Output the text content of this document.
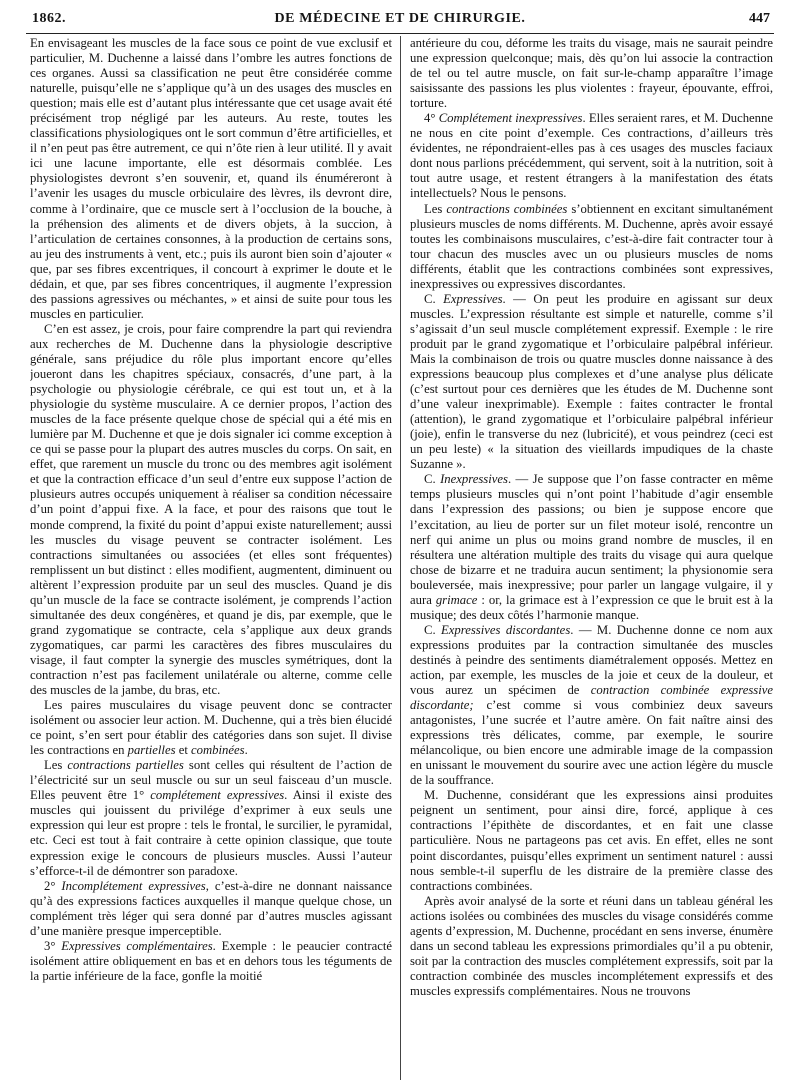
1862.	DE MÉDECINE ET DE CHIRURGIE.	447

En envisageant les muscles de la face sous ce point de vue exclusif et particulier, M. Duchenne a laissé dans l’ombre les autres fonctions de ces organes. Aussi sa classification ne peut être considérée comme naturelle, puisqu’elle ne s’applique qu’à un des usages des muscles en question; mais elle est d’autant plus intéressante que cet usage avait été précisément trop négligé par les auteurs. Au reste, toutes les classifications physiologiques ont le sort commun d’être artificielles, et il n’en peut pas être autrement, ce qui n’ôte rien à leur utilité. Il y avait ici une lacune importante, elle est désormais comblée. Les physiologistes devront s’en souvenir, et, quand ils énuméreront à l’avenir les usages du muscle orbiculaire des lèvres, ils devront dire, comme à l’ordinaire, que ce muscle sert à l’occlusion de la bouche, à la préhension des aliments et de divers objets, à la succion, à l’articulation de certaines consonnes, à la production de certains sons, au jeu des instruments à vent, etc.; puis ils auront bien soin d’ajouter « que, par ses fibres excentriques, il concourt à exprimer le doute et le dédain, et que, par ses fibres concentriques, il augmente l’expression des passions agressives ou méchantes, » et ainsi de suite pour tous les muscles en particulier.

C’en est assez, je crois, pour faire comprendre la part qui reviendra aux recherches de M. Duchenne dans la physiologie descriptive générale, sans préjudice du rôle plus important encore qu’elles joueront dans les chapitres spéciaux, consacrés, d’une part, à la psychologie ou physiologie cérébrale, ce qui est tout un, et à la physiologie du système musculaire. A ce dernier propos, l’action des muscles de la face présente quelque chose de spécial qui a été mis en lumière par M. Duchenne et que je dois signaler ici comme exception à ce qui se passe pour la plupart des autres muscles du corps. On sait, en effet, que rarement un muscle du tronc ou des membres agit isolément et que la contraction efficace d’un seul d’entre eux suppose l’action de plusieurs autres occupés uniquement à réaliser sa condition nécessaire d’un point d’appui fixe. A la face, et pour des raisons que tout le monde comprend, la fixité du point d’appui existe naturellement; aussi les muscles du visage peuvent se contracter isolément. Les contractions simultanées ou associées (et elles sont fréquentes) remplissent un but distinct : elles modifient, augmentent, diminuent ou altèrent l’expression produite par un seul des muscles. Quand je dis qu’un muscle de la face se contracte isolément, je comprends l’action simultanée des deux congénères, et quand je dis, par exemple, que le grand zygomatique se contracte, cela s’applique aux deux grands zygomatiques, car parmi les caractères des fibres musculaires du visage, il faut compter la synergie des muscles symétriques, dont la contraction n’est pas facilement unilatérale ou alterne, comme celle des muscles de la jambe, du bras, etc.

Les paires musculaires du visage peuvent donc se contracter isolément ou associer leur action. M. Duchenne, qui a très bien élucidé ce point, s’en sert pour établir des catégories dans son sujet. Il divise les contractions en partielles et combinées.

Les contractions partielles sont celles qui résultent de l’action de l’électricité sur un seul muscle ou sur un seul faisceau d’un muscle. Elles peuvent être 1° complétement expressives. Ainsi il existe des muscles qui jouissent du privilége d’exprimer à eux seuls une expression qui leur est propre : tels le frontal, le surcilier, le pyramidal, etc. Ceci est tout à fait contraire à cette opinion classique, que toute expression exige le concours de plusieurs muscles. Aussi l’auteur s’efforce-t-il de démontrer son paradoxe.

2° Incomplétement expressives, c’est-à-dire ne donnant naissance qu’à des expressions factices auxquelles il manque quelque chose, un complément très léger qui sera donné par d’autres muscles agissant d’une manière presque imperceptible.

3° Expressives complémentaires. Exemple : le peaucier contracté isolément attire obliquement en bas et en dehors tous les téguments de la partie inférieure de la face, gonfle la moitié

antérieure du cou, déforme les traits du visage, mais ne saurait peindre une expression quelconque; mais, dès qu’on lui associe la contraction de tel ou tel autre muscle, on fait sur-le-champ apparaître l’image saisissante des passions les plus violentes : frayeur, épouvante, effroi, torture.

4° Complétement inexpressives. Elles seraient rares, et M. Duchenne ne nous en cite point d’exemple. Ces contractions, d’ailleurs très évidentes, ne répondraient-elles pas à ces usages des muscles faciaux dont nous parlions précédemment, qui servent, soit à la nutrition, soit à tout autre usage, et restent étrangers à la manifestation des états intellectuels? Nous le pensons.

Les contractions combinées s’obtiennent en excitant simultanément plusieurs muscles de noms différents. M. Duchenne, après avoir essayé toutes les combinaisons musculaires, c’est-à-dire fait contracter tour à tour chacun des muscles avec un ou plusieurs muscles de noms différents, établit que les contractions combinées sont expressives, inexpressives ou expressives discordantes.

C. Expressives. — On peut les produire en agissant sur deux muscles. L’expression résultante est simple et naturelle, comme s’il s’agissait d’un seul muscle complétement expressif. Exemple : le rire produit par le grand zygomatique et l’orbiculaire palpébral inférieur. Mais la combinaison de trois ou quatre muscles donne naissance à des expressions beaucoup plus complexes et d’une analyse plus délicate (c’est surtout pour ces dernières que les études de M. Duchenne sont d’une valeur inexprimable). Exemple : faites contracter le frontal (attention), le grand zygomatique et l’orbiculaire palpébral inférieur (joie), enfin le transverse du nez (lubricité), et vous peindrez (ceci est un peu leste) « la situation des vieillards impudiques de la chaste Suzanne ».

C. Inexpressives. — Je suppose que l’on fasse contracter en même temps plusieurs muscles qui n’ont point l’habitude d’agir ensemble dans l’expression des passions; ou bien je suppose encore que l’excitation, au lieu de porter sur un filet moteur isolé, rencontre un nerf qui anime un plus ou moins grand nombre de muscles, il en résultera une altération multiple des traits du visage qui aura quelque chose de bizarre et ne traduira aucun sentiment; la physionomie sera bouleversée, mais inexpressive; pour parler un langage vulgaire, il y aura grimace : or, la grimace est à l’expression ce que le bruit est à la musique; des deux côtés l’harmonie manque.

C. Expressives discordantes. — M. Duchenne donne ce nom aux expressions produites par la contraction simultanée des muscles destinés à peindre des sentiments diamétralement opposés. Mettez en action, par exemple, les muscles de la joie et ceux de la douleur, et vous aurez un spécimen de contraction combinée expressive discordante; c’est comme si vous combiniez deux saveurs antagonistes, l’une sucrée et l’autre amère. On fait naître ainsi des expressions très délicates, comme, par exemple, le sourire mélancolique, ou bien encore une admirable image de la compassion en unissant le mouvement du sourire avec une action légère du muscle de la souffrance.

M. Duchenne, considérant que les expressions ainsi produites peignent un sentiment, pour ainsi dire, forcé, applique à ces contractions l’épithète de discordantes, et en fait une classe particulière. Nous ne partageons pas cet avis. En effet, elles ne sont point discordantes, puisqu’elles expriment un sentiment naturel : aussi nous semble-t-il superflu de les distraire de la première classe des contractions combinées.

Après avoir analysé de la sorte et réuni dans un tableau général les actions isolées ou combinées des muscles du visage considérés comme agents d’expression, M. Duchenne, procédant en sens inverse, énumère dans un second tableau les expressions primordiales qu’il a pu obtenir, soit par la contraction des muscles complétement expressifs, soit par la contraction combinée des muscles incomplétement expressifs et des muscles expressifs complémentaires. Nous ne trouvons
